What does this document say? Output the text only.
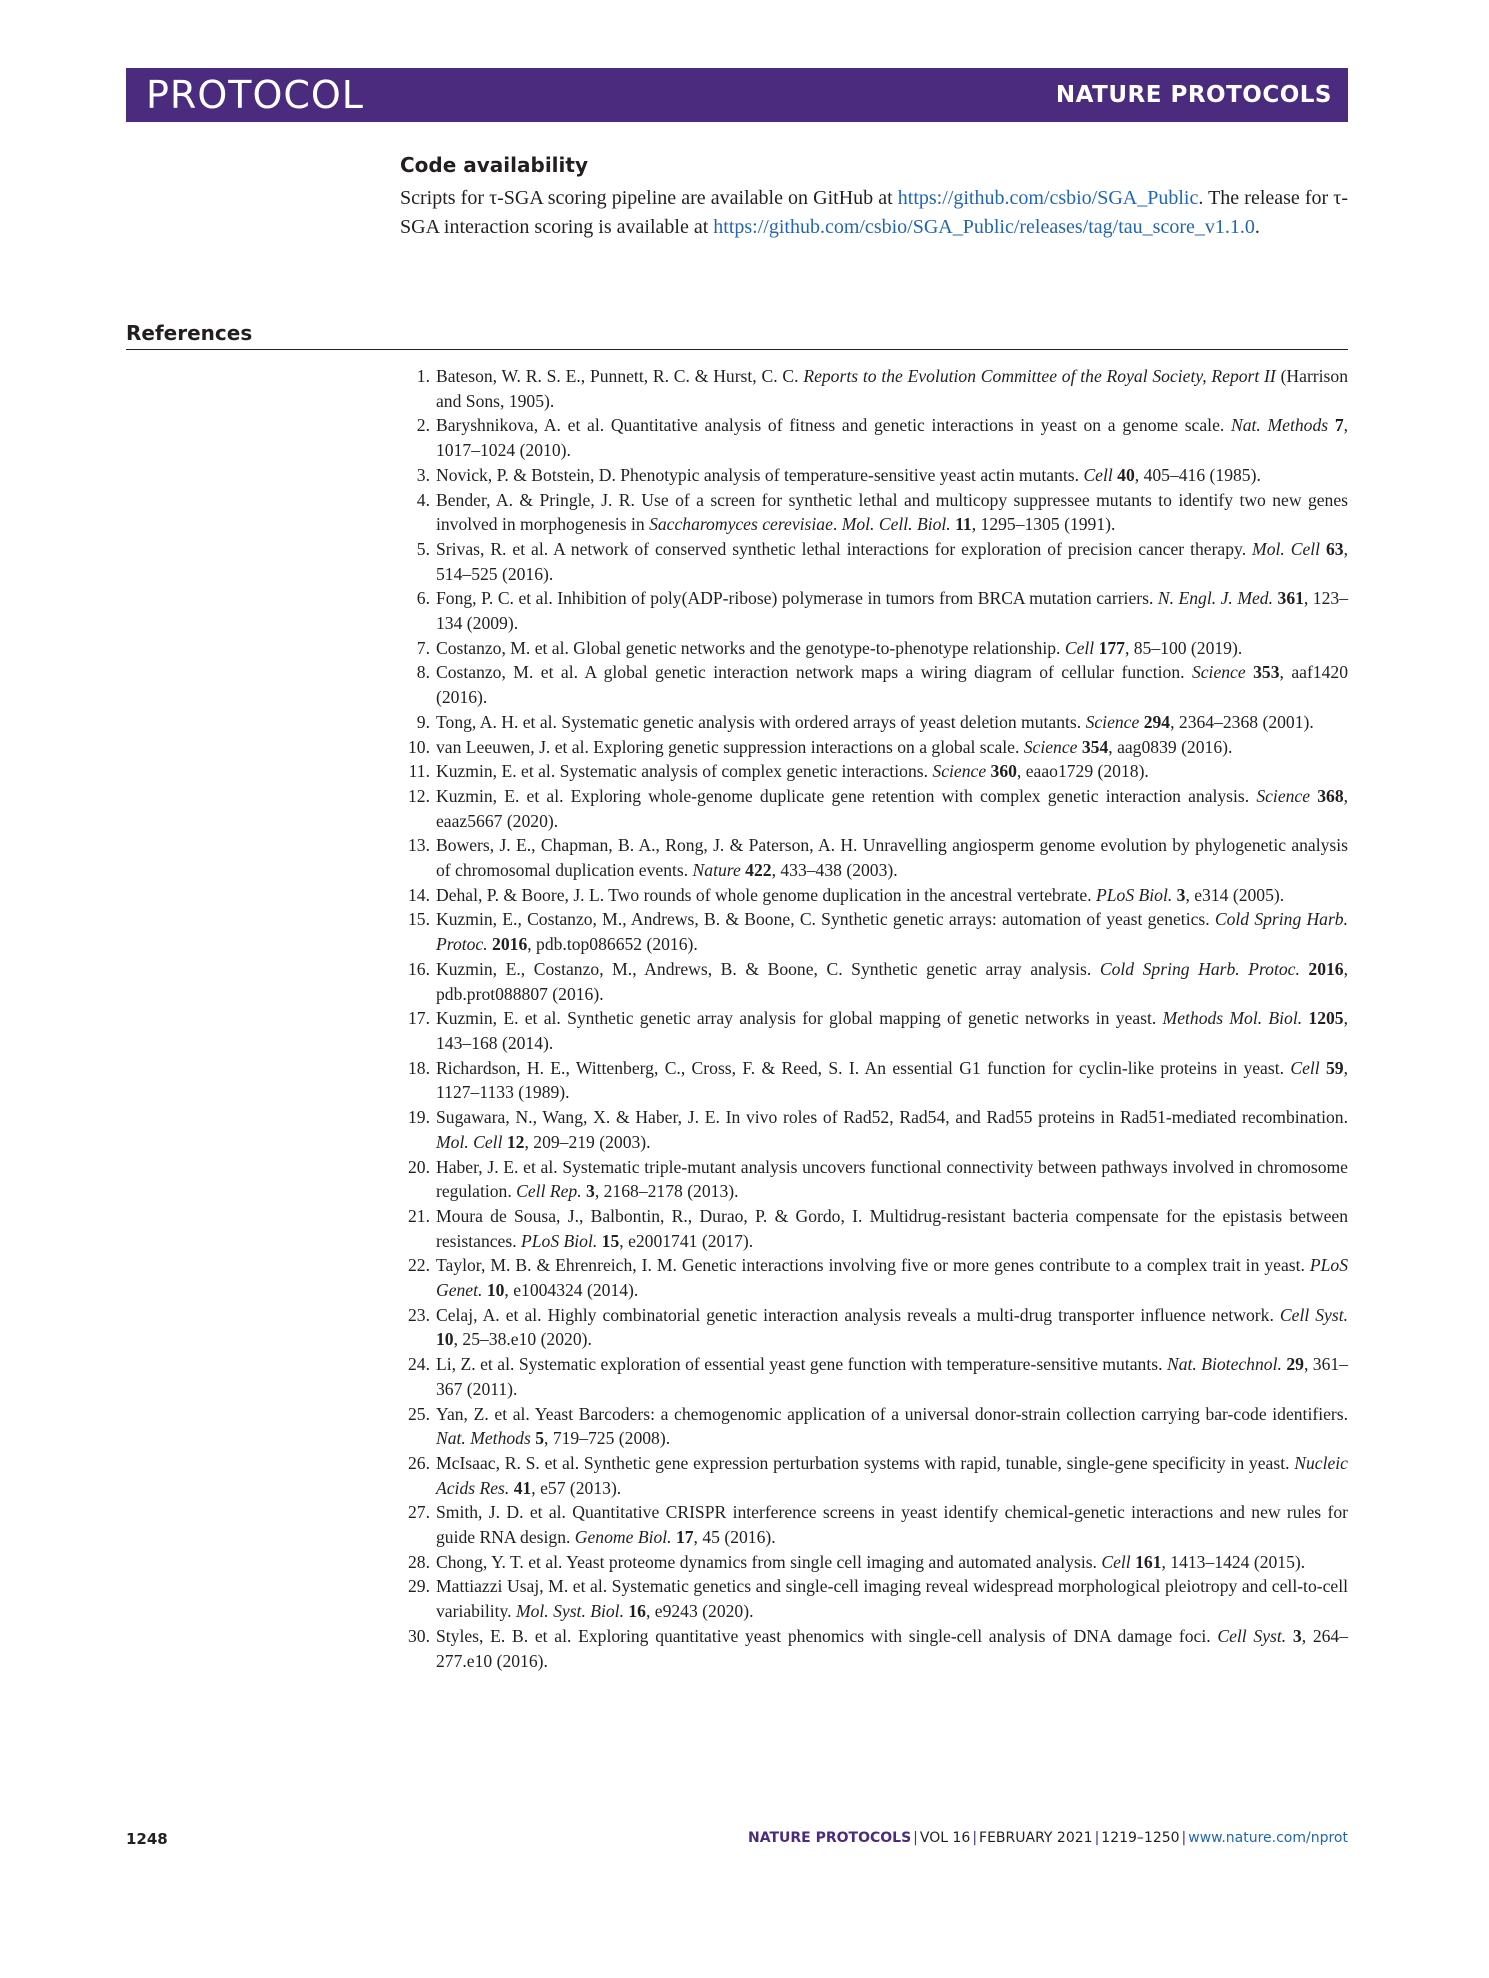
PROTOCOL	NATURE PROTOCOLS
Code availability
Scripts for τ-SGA scoring pipeline are available on GitHub at https://github.com/csbio/SGA_Public. The release for τ-SGA interaction scoring is available at https://github.com/csbio/SGA_Public/releases/tag/tau_score_v1.1.0.
References
1. Bateson, W. R. S. E., Punnett, R. C. & Hurst, C. C. Reports to the Evolution Committee of the Royal Society, Report II (Harrison and Sons, 1905).
2. Baryshnikova, A. et al. Quantitative analysis of fitness and genetic interactions in yeast on a genome scale. Nat. Methods 7, 1017–1024 (2010).
3. Novick, P. & Botstein, D. Phenotypic analysis of temperature-sensitive yeast actin mutants. Cell 40, 405–416 (1985).
4. Bender, A. & Pringle, J. R. Use of a screen for synthetic lethal and multicopy suppressee mutants to identify two new genes involved in morphogenesis in Saccharomyces cerevisiae. Mol. Cell. Biol. 11, 1295–1305 (1991).
5. Srivas, R. et al. A network of conserved synthetic lethal interactions for exploration of precision cancer therapy. Mol. Cell 63, 514–525 (2016).
6. Fong, P. C. et al. Inhibition of poly(ADP-ribose) polymerase in tumors from BRCA mutation carriers. N. Engl. J. Med. 361, 123–134 (2009).
7. Costanzo, M. et al. Global genetic networks and the genotype-to-phenotype relationship. Cell 177, 85–100 (2019).
8. Costanzo, M. et al. A global genetic interaction network maps a wiring diagram of cellular function. Science 353, aaf1420 (2016).
9. Tong, A. H. et al. Systematic genetic analysis with ordered arrays of yeast deletion mutants. Science 294, 2364–2368 (2001).
10. van Leeuwen, J. et al. Exploring genetic suppression interactions on a global scale. Science 354, aag0839 (2016).
11. Kuzmin, E. et al. Systematic analysis of complex genetic interactions. Science 360, eaao1729 (2018).
12. Kuzmin, E. et al. Exploring whole-genome duplicate gene retention with complex genetic interaction analysis. Science 368, eaaz5667 (2020).
13. Bowers, J. E., Chapman, B. A., Rong, J. & Paterson, A. H. Unravelling angiosperm genome evolution by phylogenetic analysis of chromosomal duplication events. Nature 422, 433–438 (2003).
14. Dehal, P. & Boore, J. L. Two rounds of whole genome duplication in the ancestral vertebrate. PLoS Biol. 3, e314 (2005).
15. Kuzmin, E., Costanzo, M., Andrews, B. & Boone, C. Synthetic genetic arrays: automation of yeast genetics. Cold Spring Harb. Protoc. 2016, pdb.top086652 (2016).
16. Kuzmin, E., Costanzo, M., Andrews, B. & Boone, C. Synthetic genetic array analysis. Cold Spring Harb. Protoc. 2016, pdb.prot088807 (2016).
17. Kuzmin, E. et al. Synthetic genetic array analysis for global mapping of genetic networks in yeast. Methods Mol. Biol. 1205, 143–168 (2014).
18. Richardson, H. E., Wittenberg, C., Cross, F. & Reed, S. I. An essential G1 function for cyclin-like proteins in yeast. Cell 59, 1127–1133 (1989).
19. Sugawara, N., Wang, X. & Haber, J. E. In vivo roles of Rad52, Rad54, and Rad55 proteins in Rad51-mediated recombination. Mol. Cell 12, 209–219 (2003).
20. Haber, J. E. et al. Systematic triple-mutant analysis uncovers functional connectivity between pathways involved in chromosome regulation. Cell Rep. 3, 2168–2178 (2013).
21. Moura de Sousa, J., Balbontin, R., Durao, P. & Gordo, I. Multidrug-resistant bacteria compensate for the epistasis between resistances. PLoS Biol. 15, e2001741 (2017).
22. Taylor, M. B. & Ehrenreich, I. M. Genetic interactions involving five or more genes contribute to a complex trait in yeast. PLoS Genet. 10, e1004324 (2014).
23. Celaj, A. et al. Highly combinatorial genetic interaction analysis reveals a multi-drug transporter influence network. Cell Syst. 10, 25–38.e10 (2020).
24. Li, Z. et al. Systematic exploration of essential yeast gene function with temperature-sensitive mutants. Nat. Biotechnol. 29, 361–367 (2011).
25. Yan, Z. et al. Yeast Barcoders: a chemogenomic application of a universal donor-strain collection carrying bar-code identifiers. Nat. Methods 5, 719–725 (2008).
26. McIsaac, R. S. et al. Synthetic gene expression perturbation systems with rapid, tunable, single-gene specificity in yeast. Nucleic Acids Res. 41, e57 (2013).
27. Smith, J. D. et al. Quantitative CRISPR interference screens in yeast identify chemical-genetic interactions and new rules for guide RNA design. Genome Biol. 17, 45 (2016).
28. Chong, Y. T. et al. Yeast proteome dynamics from single cell imaging and automated analysis. Cell 161, 1413–1424 (2015).
29. Mattiazzi Usaj, M. et al. Systematic genetics and single-cell imaging reveal widespread morphological pleiotropy and cell-to-cell variability. Mol. Syst. Biol. 16, e9243 (2020).
30. Styles, E. B. et al. Exploring quantitative yeast phenomics with single-cell analysis of DNA damage foci. Cell Syst. 3, 264–277.e10 (2016).
1248	NATURE PROTOCOLS | VOL 16 | FEBRUARY 2021 | 1219–1250 | www.nature.com/nprot
